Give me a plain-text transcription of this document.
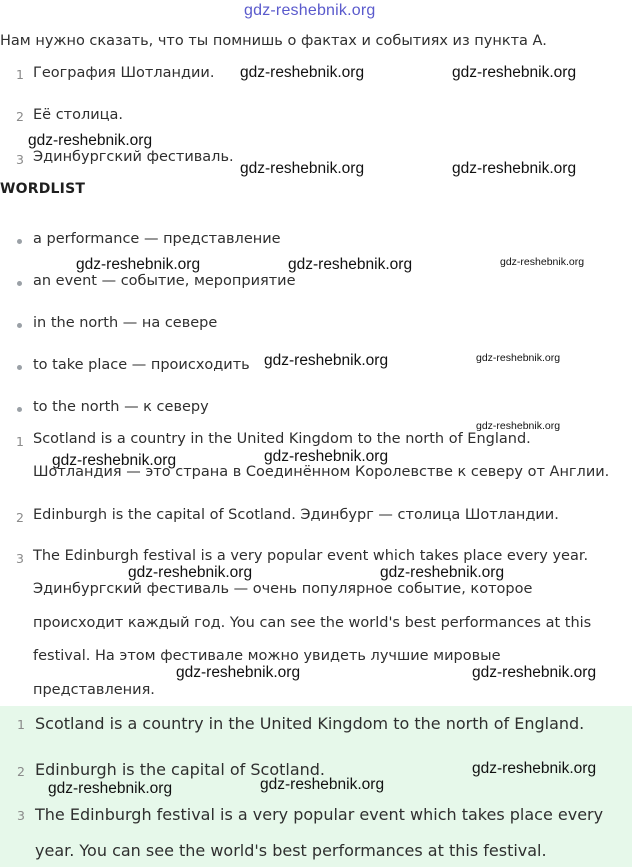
gdz-reshebnik.org
Нам нужно сказать, что ты помнишь о фактах и событиях из пункта A.
1 География Шотландии.
2 Её столица.
3 Эдинбургский фестиваль.
WORDLIST
a performance — представление
an event — событие, мероприятие
in the north — на севере
to take place — происходить
to the north — к северу
1 Scotland is a country in the United Kingdom to the north of England.
Шотландия — это страна в Соединённом Королевстве к северу от Англии.
2 Edinburgh is the capital of Scotland. Эдинбург — столица Шотландии.
3 The Edinburgh festival is a very popular event which takes place every year.
Эдинбургский фестиваль — очень популярное событие, которое
происходит каждый год. You can see the world's best performances at this
festival. На этом фестивале можно увидеть лучшие мировые
представления.
1 Scotland is a country in the United Kingdom to the north of England.
2 Edinburgh is the capital of Scotland.
3 The Edinburgh festival is a very popular event which takes place every
year. You can see the world's best performances at this festival.
gdz-reshebnik.org	gdz-reshebnik.org
gdz-reshebnik.org
gdz-reshebnik.org	gdz-reshebnik.org
gdz-reshebnik.org	gdz-reshebnik.org	gdz-reshebnik.org
gdz-reshebnik.org	gdz-reshebnik.org
gdz-reshebnik.org
gdz-reshebnik.org	gdz-reshebnik.org
gdz-reshebnik.org	gdz-reshebnik.org
gdz-reshebnik.org	gdz-reshebnik.org
gdz-reshebnik.org
gdz-reshebnik.org	gdz-reshebnik.org
